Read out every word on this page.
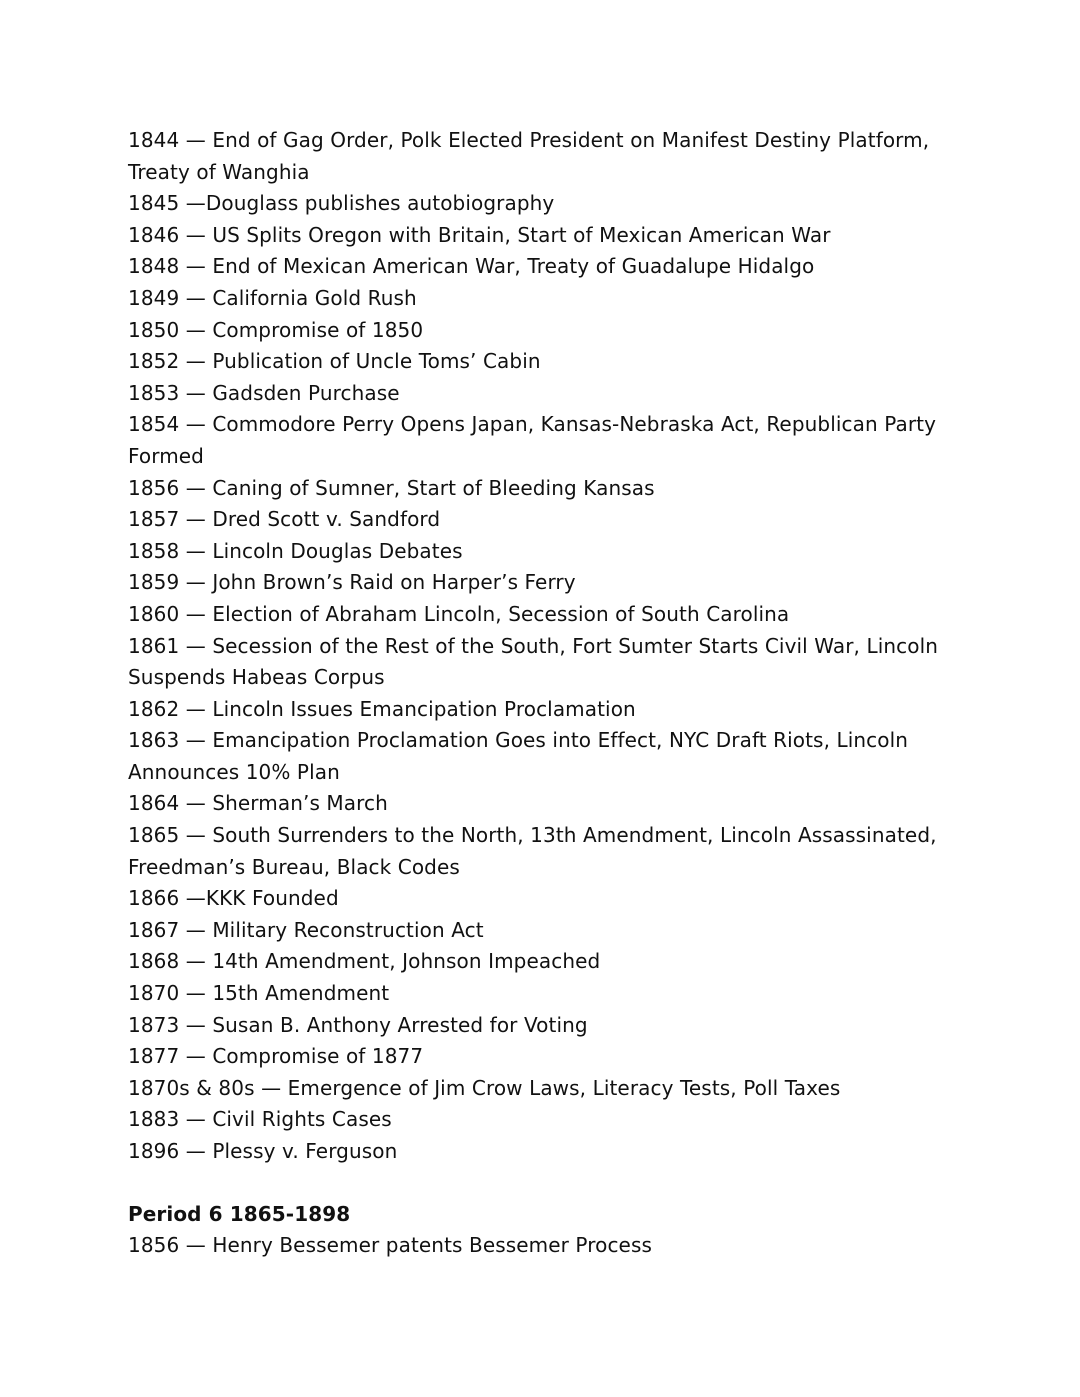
1844 — End of Gag Order, Polk Elected President on Manifest Destiny Platform, Treaty of Wanghia

1845 —Douglass publishes autobiography

1846 — US Splits Oregon with Britain, Start of Mexican American War

1848 — End of Mexican American War, Treaty of Guadalupe Hidalgo

1849 — California Gold Rush

1850 — Compromise of 1850

1852 — Publication of Uncle Toms’ Cabin

1853 — Gadsden Purchase

1854 — Commodore Perry Opens Japan, Kansas-Nebraska Act, Republican Party Formed

1856 — Caning of Sumner, Start of Bleeding Kansas

1857 — Dred Scott v. Sandford

1858 — Lincoln Douglas Debates

1859 — John Brown’s Raid on Harper’s Ferry

1860 — Election of Abraham Lincoln, Secession of South Carolina

1861 — Secession of the Rest of the South, Fort Sumter Starts Civil War, Lincoln Suspends Habeas Corpus

1862 — Lincoln Issues Emancipation Proclamation

1863 — Emancipation Proclamation Goes into Effect, NYC Draft Riots, Lincoln Announces 10% Plan

1864 — Sherman’s March

1865 — South Surrenders to the North, 13th Amendment, Lincoln Assassinated, Freedman’s Bureau, Black Codes

1866 —KKK Founded

1867 — Military Reconstruction Act

1868 — 14th Amendment, Johnson Impeached

1870 — 15th Amendment

1873 — Susan B. Anthony Arrested for Voting

1877 — Compromise of 1877

1870s & 80s — Emergence of Jim Crow Laws, Literacy Tests, Poll Taxes

1883 — Civil Rights Cases

1896 — Plessy v. Ferguson

Period 6 1865-1898

1856 — Henry Bessemer patents Bessemer Process
